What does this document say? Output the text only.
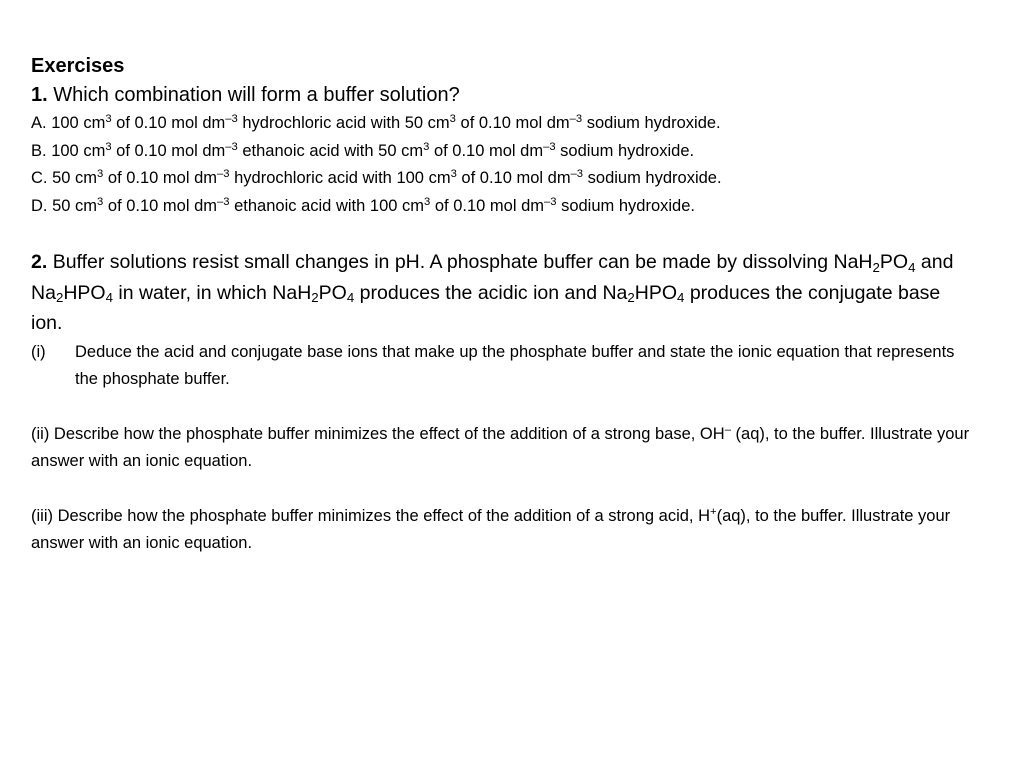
Exercises

1. Which combination will form a buffer solution?

A. 100 $cm^3$ of 0.10 mol $dm^{-3}$ hydrochloric acid with 50 $cm^3$ of 0.10 mol $dm^{-3}$ sodium hydroxide.
B. 100 $cm^3$ of 0.10 mol $dm^{-3}$ ethanoic acid with 50 $cm^3$ of 0.10 mol $dm^{-3}$ sodium hydroxide.
C. 50 $cm^3$ of 0.10 mol $dm^{-3}$ hydrochloric acid with 100 $cm^3$ of 0.10 mol $dm^{-3}$ sodium hydroxide.
D. 50 $cm^3$ of 0.10 mol $dm^{-3}$ ethanoic acid with 100 $cm^3$ of 0.10 mol $dm^{-3}$ sodium hydroxide.

2. Buffer solutions resist small changes in pH. A phosphate buffer can be made by dissolving $NaH_2PO_4$ and $Na_2HPO_4$ in water, in which $NaH_2PO_4$ produces the acidic ion and $Na_2HPO_4$ produces the conjugate base ion.

(i)	Deduce the acid and conjugate base ions that make up the phosphate buffer and state the ionic equation that represents the phosphate buffer.

(ii) Describe how the phosphate buffer minimizes the effect of the addition of a strong base, OH– (aq), to the buffer. Illustrate your answer with an ionic equation.

(iii) Describe how the phosphate buffer minimizes the effect of the addition of a strong acid, H+(aq), to the buffer. Illustrate your answer with an ionic equation.
